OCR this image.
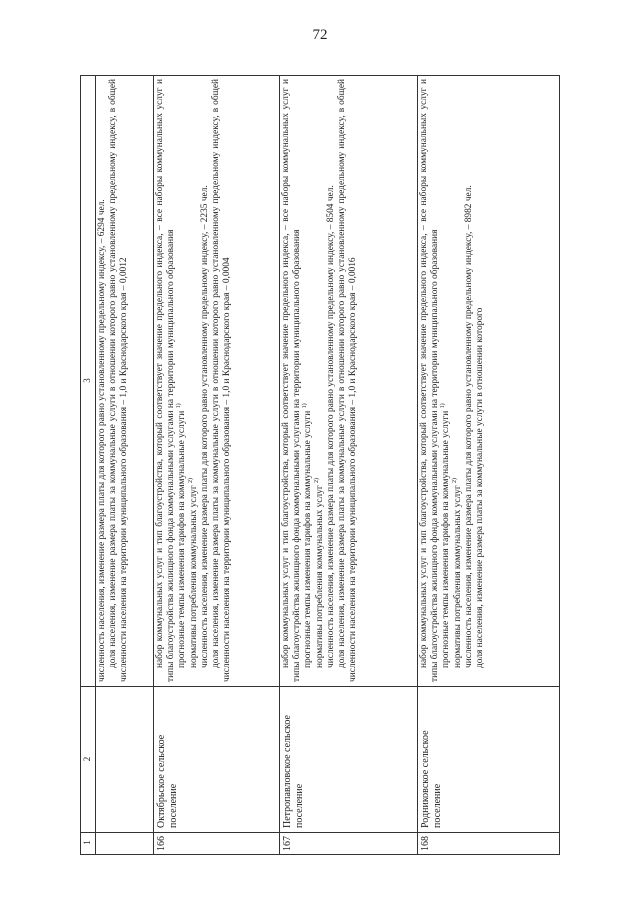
72
1
2
3 численность населения, изменение размера платы для которого равно установленному предельному индексу, – 6294 чел. доля населения, изменение размера платы за коммунальные услуги в отношении которого равно установленному предельному индексу, в общей численности населения на территории муниципального образования – 1,0 и Краснодарского края – 0,0012

166
Октябрьское сельское поселение

набор коммунальных услуг и тип благоустройства, который соответствует значение предельного индекса, – все наборы коммунальных услуг и типы благоустройства жилищного фонда коммунальными услугами на территории муниципального образования прогнозные темпы изменения тарифов на коммунальные услуги $^{1)}$

нормативы потребления коммунальных услуг $^{2)}$ численность населения, изменение размера платы для которого равно установленному предельному индексу, – 2235 чел. доля населения, изменение размера платы за коммунальные услуги в отношении которого равно установленному предельному индексу, в общей численности населения на территории муниципального образования – 1,0 и Краснодарского края – 0,0004

167
Петропавловское сельское поселение

набор коммунальных услуг и тип благоустройства, который соответствует значение предельного индекса, – все наборы коммунальных услуг и типы благоустройства жилищного фонда коммунальными услугами на территории муниципального образования прогнозные темпы изменения тарифов на коммунальные услуги $^{1)}$

нормативы потребления коммунальных услуг $^{2)}$ численность населения, изменение размера платы для которого равно установленному предельному индексу, – 8504 чел. доля населения, изменение размера платы за коммунальные услуги в отношении которого равно установленному предельному индексу, в общей численности населения на территории муниципального образования – 1,0 и Краснодарского края – 0,0016

168
Родниковское сельское поселение

набор коммунальных услуг и тип благоустройства, который соответствует значение предельного индекса, – все наборы коммунальных услуг и типы благоустройства жилищного фонда коммунальными услугами на территории муниципального образования прогнозные темпы изменения тарифов на коммунальные услуги $^{1)}$

нормативы потребления коммунальных услуг $^{2)}$ численность населения, изменение размера платы для которого равно установленному предельному индексу, – 8982 чел. доля населения, изменение размера платы за коммунальные услуги в отношении которого
